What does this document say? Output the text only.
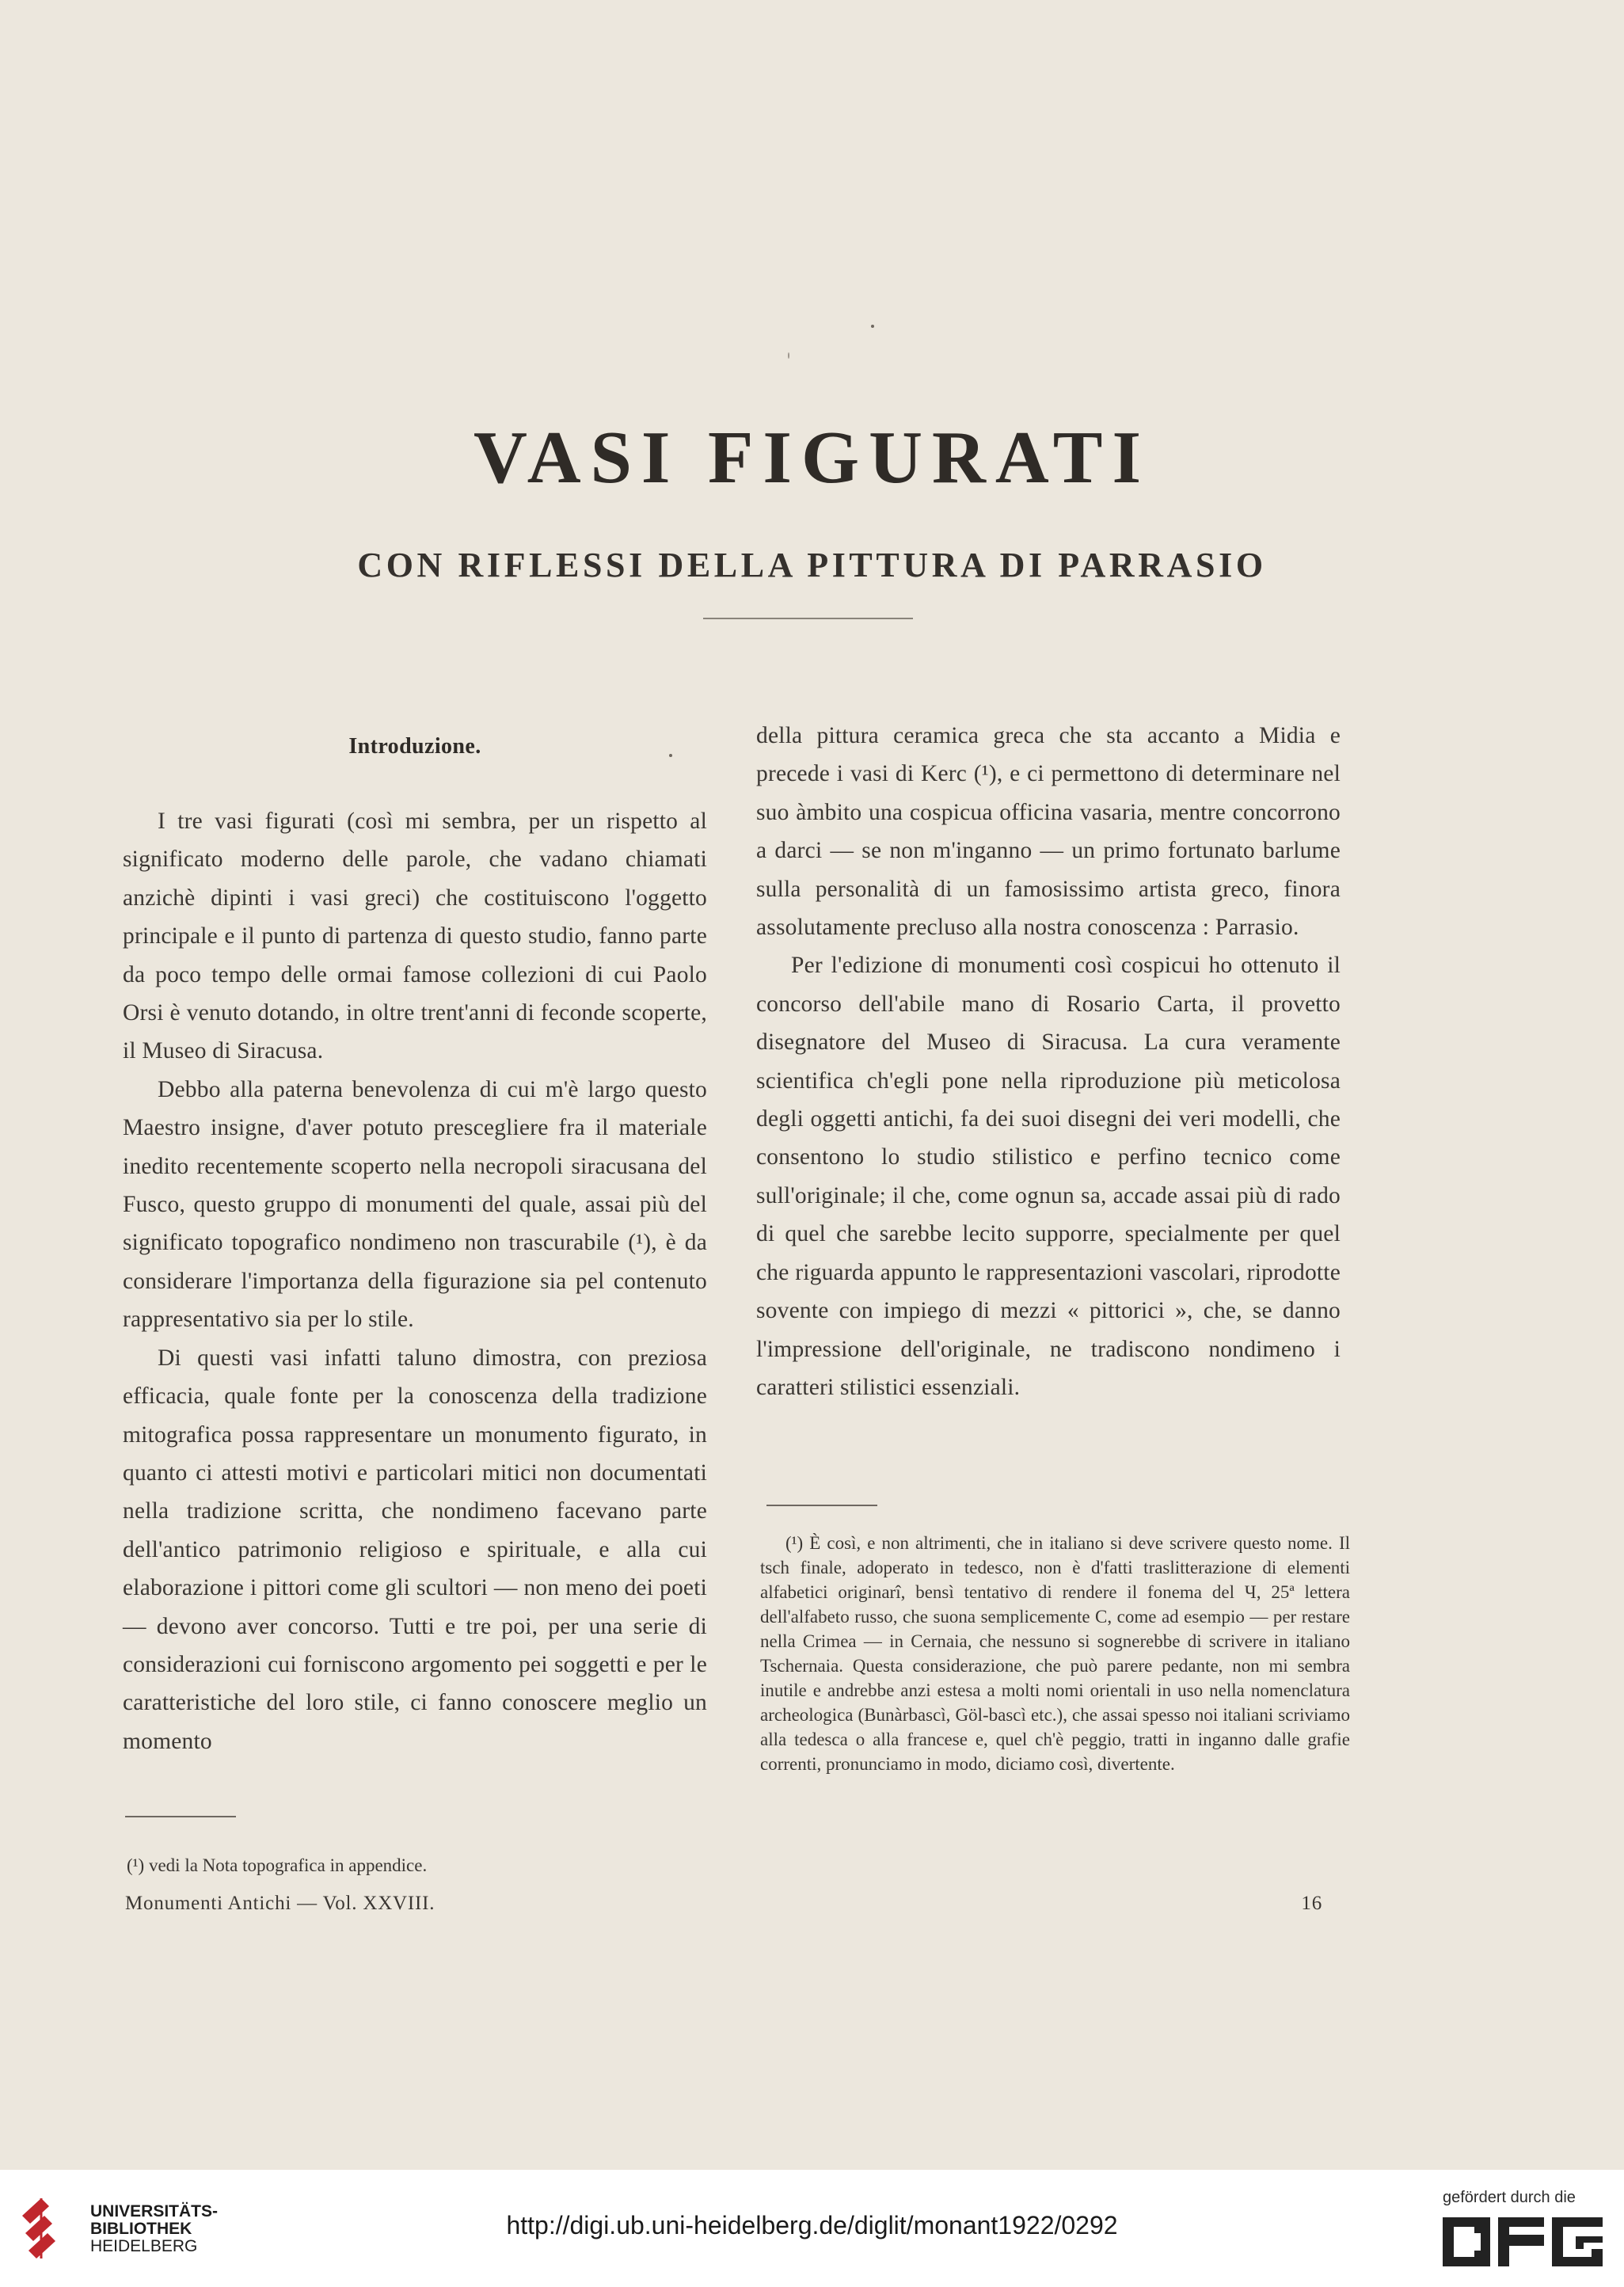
VASI FIGURATI
CON RIFLESSI DELLA PITTURA DI PARRASIO
Introduzione.

I tre vasi figurati (così mi sembra, per un rispetto al significato moderno delle parole, che vadano chiamati anzichè dipinti i vasi greci) che costituiscono l'oggetto principale e il punto di partenza di questo studio, fanno parte da poco tempo delle ormai famose collezioni di cui Paolo Orsi è venuto dotando, in oltre trent'anni di feconde scoperte, il Museo di Siracusa.

Debbo alla paterna benevolenza di cui m'è largo questo Maestro insigne, d'aver potuto prescegliere fra il materiale inedito recentemente scoperto nella necropoli siracusana del Fusco, questo gruppo di monumenti del quale, assai più del significato topografico nondimeno non trascurabile (¹), è da considerare l'importanza della figurazione sia pel contenuto rappresentativo sia per lo stile.

Di questi vasi infatti taluno dimostra, con preziosa efficacia, quale fonte per la conoscenza della tradizione mitografica possa rappresentare un monumento figurato, in quanto ci attesti motivi e particolari mitici non documentati nella tradizione scritta, che nondimeno facevano parte dell'antico patrimonio religioso e spirituale, e alla cui elaborazione i pittori come gli scultori — non meno dei poeti — devono aver concorso. Tutti e tre poi, per una serie di considerazioni cui forniscono argomento pei soggetti e per le caratteristiche del loro stile, ci fanno conoscere meglio un momento

della pittura ceramica greca che sta accanto a Midia e precede i vasi di Kerc (¹), e ci permettono di determinare nel suo àmbito una cospicua officina vasaria, mentre concorrono a darci — se non m'inganno — un primo fortunato barlume sulla personalità di un famosissimo artista greco, finora assolutamente precluso alla nostra conoscenza : Parrasio.

Per l'edizione di monumenti così cospicui ho ottenuto il concorso dell'abile mano di Rosario Carta, il provetto disegnatore del Museo di Siracusa. La cura veramente scientifica ch'egli pone nella riproduzione più meticolosa degli oggetti antichi, fa dei suoi disegni dei veri modelli, che consentono lo studio stilistico e perfino tecnico come sull'originale; il che, come ognun sa, accade assai più di rado di quel che sarebbe lecito supporre, specialmente per quel che riguarda appunto le rappresentazioni vascolari, riprodotte sovente con impiego di mezzi « pittorici », che, se danno l'impressione dell'originale, ne tradiscono nondimeno i caratteri stilistici essenziali.

(¹) È così, e non altrimenti, che in italiano si deve scrivere questo nome. Il tsch finale, adoperato in tedesco, non è d'fatti traslitterazione di elementi alfabetici originarî, bensì tentativo di rendere il fonema del Ч, 25ª lettera dell'alfabeto russo, che suona semplicemente C, come ad esempio — per restare nella Crimea — in Cernaia, che nessuno si sognerebbe di scrivere in italiano Tschernaia. Questa considerazione, che può parere pedante, non mi sembra inutile e andrebbe anzi estesa a molti nomi orientali in uso nella nomenclatura archeologica (Bunàrbascì, Göl-bascì etc.), che assai spesso noi italiani scriviamo alla tedesca o alla francese e, quel ch'è peggio, tratti in inganno dalle grafie correnti, pronunciamo in modo, diciamo così, divertente.

(¹) vedi la Nota topografica in appendice.

Monumenti Antichi — Vol. XXVIII.	16
UNIVERSITÄTS-
BIBLIOTHEK
HEIDELBERG
http://digi.ub.uni-heidelberg.de/diglit/monant1922/0292
gefördert durch die
